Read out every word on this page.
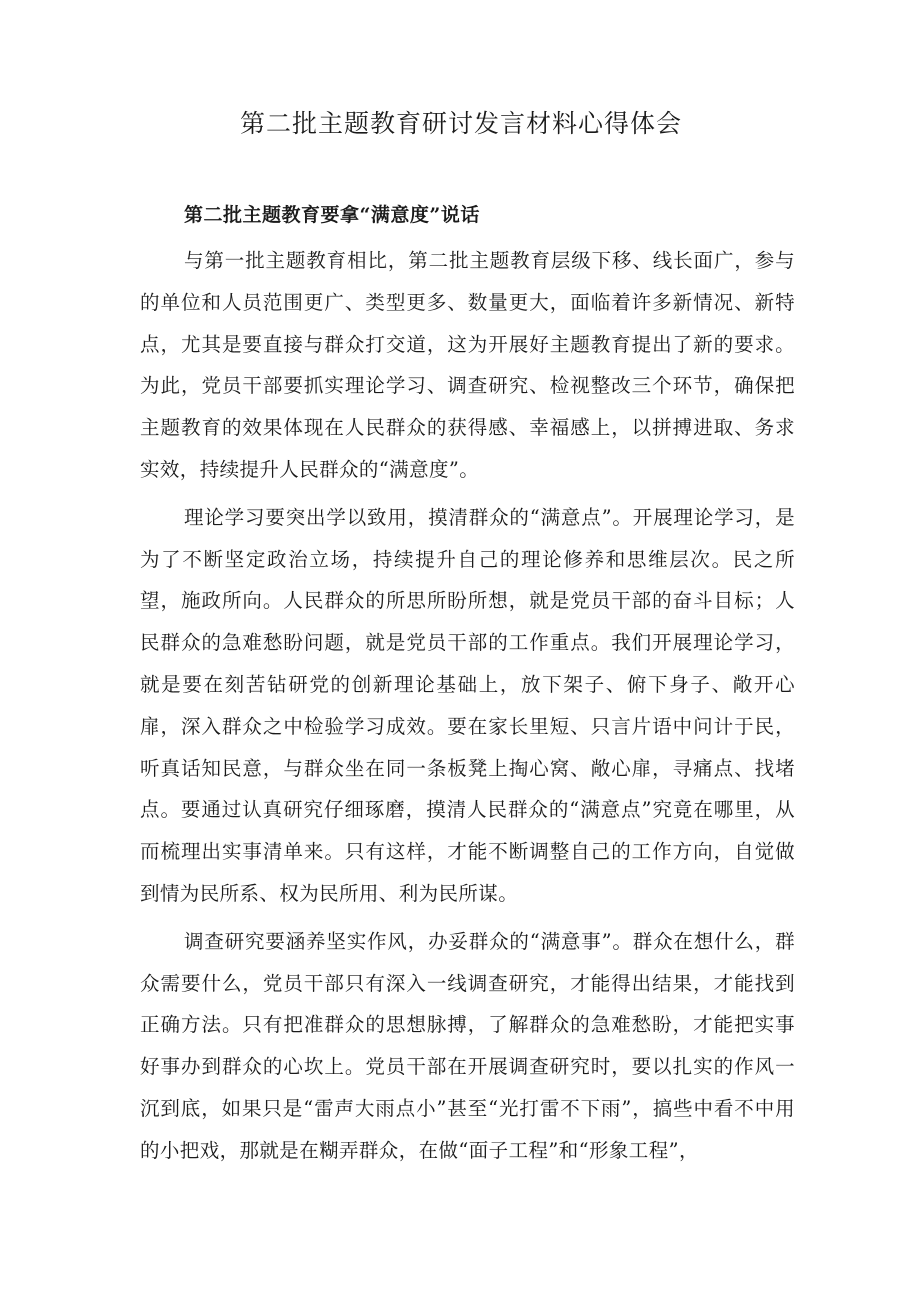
第二批主题教育研讨发言材料心得体会
第二批主题教育要拿“满意度”说话

与第一批主题教育相比，第二批主题教育层级下移、线长面广，参与的单位和人员范围更广、类型更多、数量更大，面临着许多新情况、新特点，尤其是要直接与群众打交道，这为开展好主题教育提出了新的要求。为此，党员干部要抓实理论学习、调查研究、检视整改三个环节，确保把主题教育的效果体现在人民群众的获得感、幸福感上，以拼搏进取、务求实效，持续提升人民群众的“满意度”。

理论学习要突出学以致用，摸清群众的“满意点”。开展理论学习，是为了不断坚定政治立场，持续提升自己的理论修养和思维层次。民之所望，施政所向。人民群众的所思所盼所想，就是党员干部的奋斗目标；人民群众的急难愁盼问题，就是党员干部的工作重点。我们开展理论学习，就是要在刻苦钻研党的创新理论基础上，放下架子、俯下身子、敞开心扉，深入群众之中检验学习成效。要在家长里短、只言片语中问计于民，听真话知民意，与群众坐在同一条板凳上掏心窝、敞心扉，寻痛点、找堵点。要通过认真研究仔细琢磨，摸清人民群众的“满意点”究竟在哪里，从而梳理出实事清单来。只有这样，才能不断调整自己的工作方向，自觉做到情为民所系、权为民所用、利为民所谋。

调查研究要涵养坚实作风，办妥群众的“满意事”。群众在想什么，群众需要什么，党员干部只有深入一线调查研究，才能得出结果，才能找到正确方法。只有把准群众的思想脉搏，了解群众的急难愁盼，才能把实事好事办到群众的心坎上。党员干部在开展调查研究时，要以扎实的作风一沉到底，如果只是“雷声大雨点小”甚至“光打雷不下雨”，搞些中看不中用的小把戏，那就是在糊弄群众，在做“面子工程”和“形象工程”，
